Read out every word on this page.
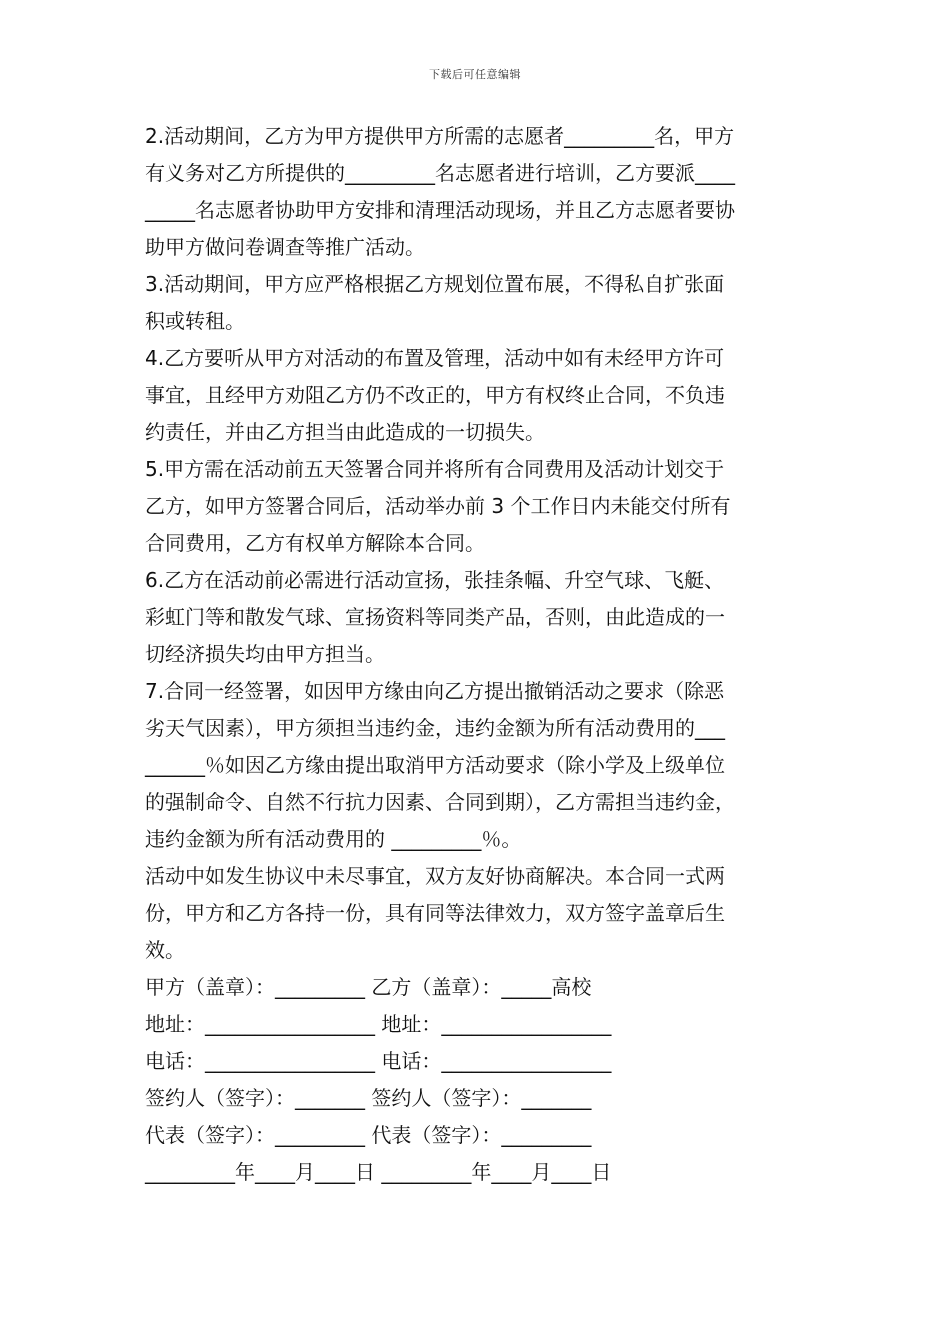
下载后可任意编辑
2.活动期间，乙方为甲方提供甲方所需的志愿者_________名，甲方
有义务对乙方所提供的_________名志愿者进行培训，乙方要派____
_____名志愿者协助甲方安排和清理活动现场，并且乙方志愿者要协
助甲方做问卷调查等推广活动。
3.活动期间，甲方应严格根据乙方规划位置布展，不得私自扩张面
积或转租。
4.乙方要听从甲方对活动的布置及管理，活动中如有未经甲方许可
事宜，且经甲方劝阻乙方仍不改正的，甲方有权终止合同，不负违
约责任，并由乙方担当由此造成的一切损失。
5.甲方需在活动前五天签署合同并将所有合同费用及活动计划交于
乙方，如甲方签署合同后，活动举办前 3 个工作日内未能交付所有
合同费用，乙方有权单方解除本合同。
6.乙方在活动前必需进行活动宣扬，张挂条幅、升空气球、飞艇、
彩虹门等和散发气球、宣扬资料等同类产品，否则，由此造成的一
切经济损失均由甲方担当。
7.合同一经签署，如因甲方缘由向乙方提出撤销活动之要求（除恶
劣天气因素），甲方须担当违约金，违约金额为所有活动费用的___
______％如因乙方缘由提出取消甲方活动要求（除小学及上级单位
的强制命令、自然不行抗力因素、合同到期），乙方需担当违约金，
违约金额为所有活动费用的 _________％。
活动中如发生协议中未尽事宜，双方友好协商解决。本合同一式两
份，甲方和乙方各持一份，具有同等法律效力，双方签字盖章后生
效。
甲方（盖章）：_________ 乙方（盖章）：_____高校
地址：_________________ 地址：_________________
电话：_________________ 电话：_________________
签约人（签字）：_______ 签约人（签字）：_______
代表（签字）：_________ 代表（签字）：_________
_________年____月____日 _________年____月____日
